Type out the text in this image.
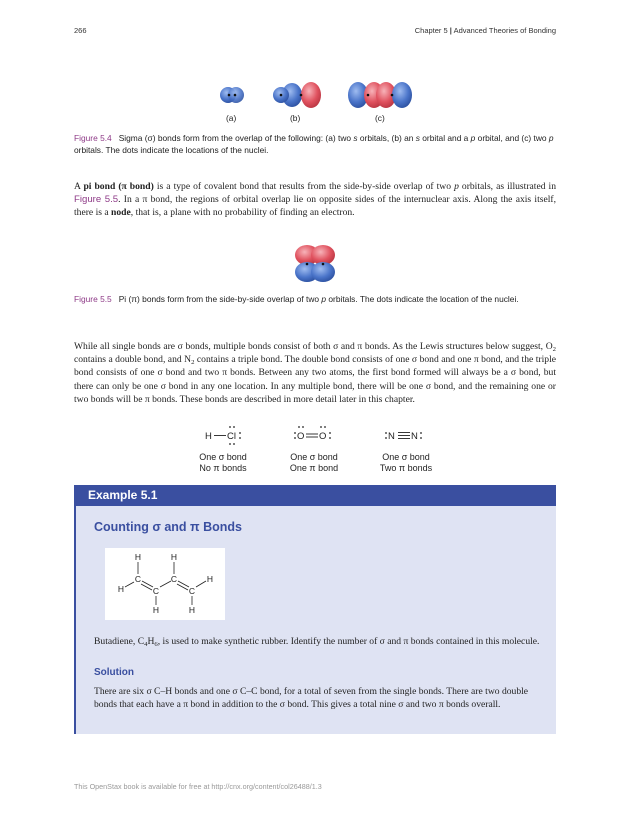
266	Chapter 5 | Advanced Theories of Bonding
(a)	(b)	(c)
Figure 5.4 Sigma (σ) bonds form from the overlap of the following: (a) two s orbitals, (b) an s orbital and a p orbital, and (c) two p orbitals. The dots indicate the locations of the nuclei.
A pi bond (π bond) is a type of covalent bond that results from the side-by-side overlap of two p orbitals, as illustrated in Figure 5.5. In a π bond, the regions of orbital overlap lie on opposite sides of the internuclear axis. Along the axis itself, there is a node, that is, a plane with no probability of finding an electron.
Figure 5.5 Pi (π) bonds form from the side-by-side overlap of two p orbitals. The dots indicate the location of the nuclei.
While all single bonds are σ bonds, multiple bonds consist of both σ and π bonds. As the Lewis structures below suggest, $O_2$ contains a double bond, and $N_2$ contains a triple bond. The double bond consists of one σ bond and one π bond, and the triple bond consists of one σ bond and two π bonds. Between any two atoms, the first bond formed will always be a σ bond, but there can only be one σ bond in any one location. In any multiple bond, there will be one σ bond, and the remaining one or two bonds will be π bonds. These bonds are described in more detail later in this chapter.
H Cl	O O	N N
One σ bond
No π bonds
One σ bond
One π bond
One σ bond
Two π bonds
Example 5.1
Counting σ and π Bonds
H	H
C	C
H	C	C
H
H	H
Butadiene, $C_4H_6$, is used to make synthetic rubber. Identify the number of σ and π bonds contained in this molecule.
Solution
There are six σ C–H bonds and one σ C–C bond, for a total of seven from the single bonds. There are two double bonds that each have a π bond in addition to the σ bond. This gives a total nine σ and two π bonds overall.
This OpenStax book is available for free at http://cnx.org/content/col26488/1.3
